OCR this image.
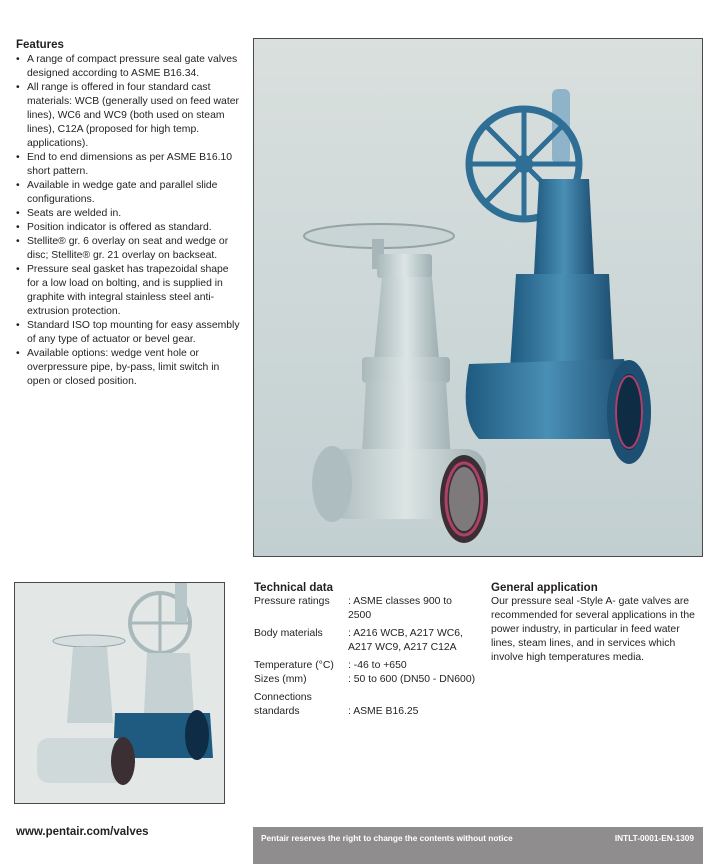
Features
• A range of compact pressure seal gate valves designed according to ASME B16.34.
• All range is offered in four standard cast materials: WCB (generally used on feed water lines), WC6 and WC9 (both used on steam lines), C12A (proposed for high temp. applications).
• End to end dimensions as per ASME B16.10 short pattern.
• Available in wedge gate and parallel slide configurations.
• Seats are welded in.
• Position indicator is offered as standard.
• Stellite® gr. 6 overlay on seat and wedge or disc; Stellite® gr. 21 overlay on backseat.
• Pressure seal gasket has trapezoidal shape for a low load on bolting, and is supplied in graphite with integral stainless steel anti-extrusion protection.
• Standard ISO top mounting for easy assembly of any type of actuator or bevel gear.
• Available options: wedge vent hole or overpressure pipe, by-pass, limit switch in open or closed position.
Technical data
Pressure ratings	: ASME classes 900 to 2500
Body materials	: A216 WCB, A217 WC6, A217 WC9, A217 C12A
Temperature (°C)	: -46 to +650
Sizes (mm)	: 50 to 600 (DN50 - DN600)
Connections standards	: ASME B16.25
General application

Our pressure seal -Style A- gate valves are recommended for several applications in the power industry, in particular in feed water lines, steam lines, and in services which involve high temperatures media.

www.pentair.com/valves	Pentair reserves the right to change the contents without notice	INTLT-0001-EN-1309
